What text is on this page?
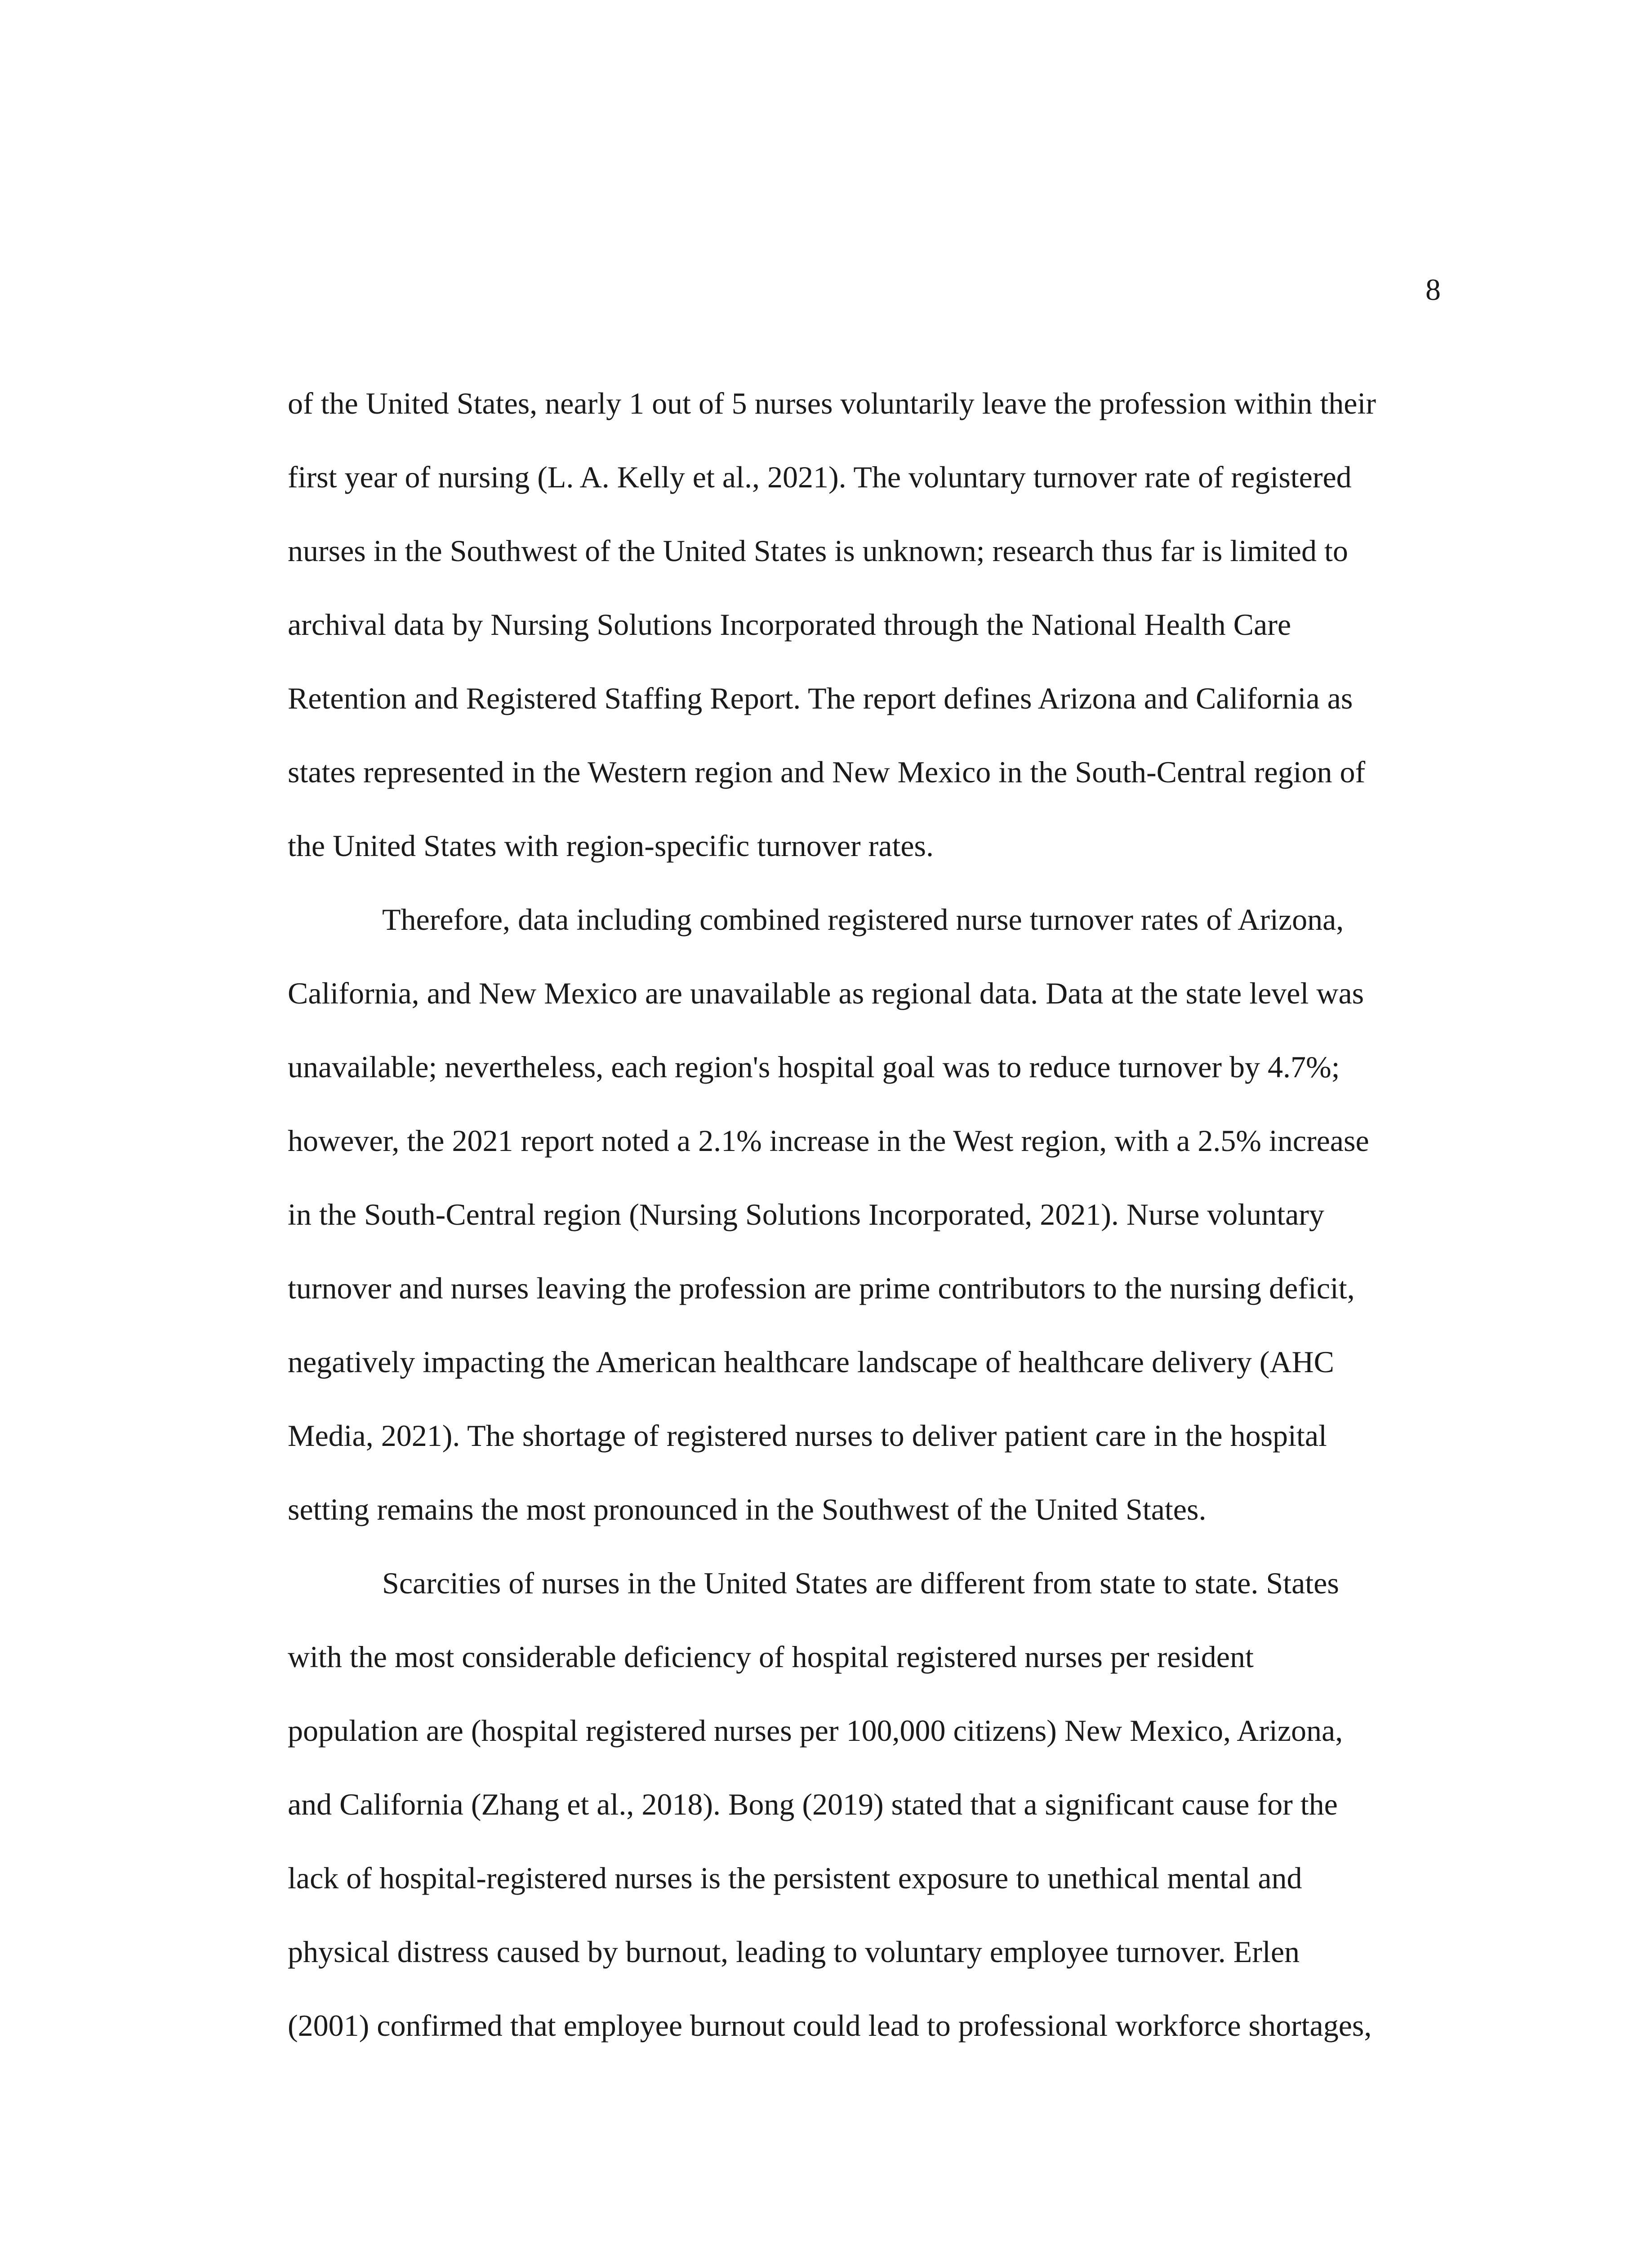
8
of the United States, nearly 1 out of 5 nurses voluntarily leave the profession within their
first year of nursing (L. A. Kelly et al., 2021). The voluntary turnover rate of registered
nurses in the Southwest of the United States is unknown; research thus far is limited to
archival data by Nursing Solutions Incorporated through the National Health Care
Retention and Registered Staffing Report. The report defines Arizona and California as
states represented in the Western region and New Mexico in the South-Central region of
the United States with region-specific turnover rates.
Therefore, data including combined registered nurse turnover rates of Arizona,
California, and New Mexico are unavailable as regional data. Data at the state level was
unavailable; nevertheless, each region's hospital goal was to reduce turnover by 4.7%;
however, the 2021 report noted a 2.1% increase in the West region, with a 2.5% increase
in the South-Central region (Nursing Solutions Incorporated, 2021). Nurse voluntary
turnover and nurses leaving the profession are prime contributors to the nursing deficit,
negatively impacting the American healthcare landscape of healthcare delivery (AHC
Media, 2021). The shortage of registered nurses to deliver patient care in the hospital
setting remains the most pronounced in the Southwest of the United States.
Scarcities of nurses in the United States are different from state to state. States
with the most considerable deficiency of hospital registered nurses per resident
population are (hospital registered nurses per 100,000 citizens) New Mexico, Arizona,
and California (Zhang et al., 2018). Bong (2019) stated that a significant cause for the
lack of hospital-registered nurses is the persistent exposure to unethical mental and
physical distress caused by burnout, leading to voluntary employee turnover. Erlen
(2001) confirmed that employee burnout could lead to professional workforce shortages,
